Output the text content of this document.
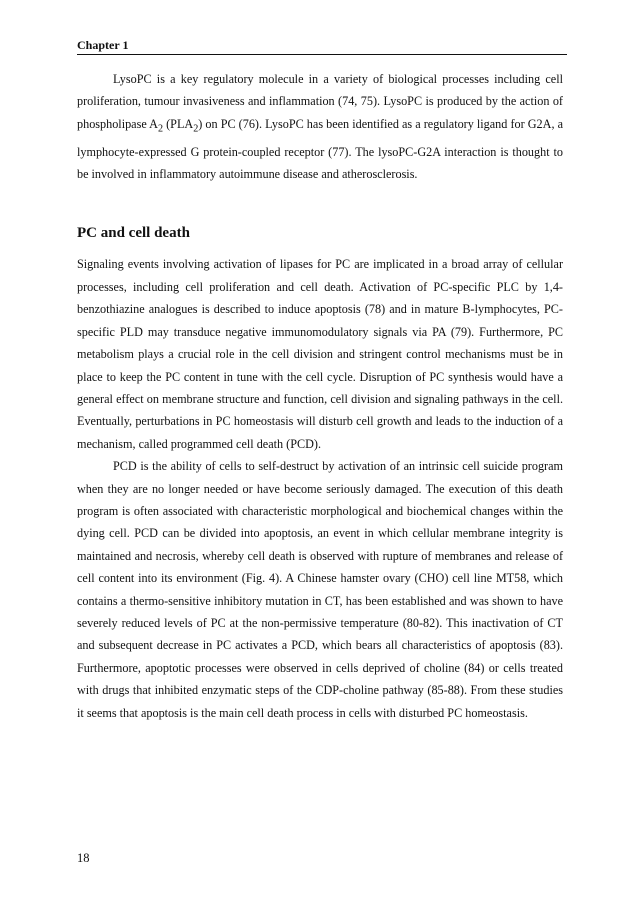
Chapter 1

LysoPC is a key regulatory molecule in a variety of biological processes including cell proliferation, tumour invasiveness and inflammation (74, 75). LysoPC is produced by the action of phospholipase $A_2$ $(PLA_2)$ on PC (76). LysoPC has been identified as a regulatory ligand for G2A, a lymphocyte-expressed G protein-coupled receptor (77). The lysoPC-G2A interaction is thought to be involved in inflammatory autoimmune disease and atherosclerosis.

PC and cell death

Signaling events involving activation of lipases for PC are implicated in a broad array of cellular processes, including cell proliferation and cell death. Activation of PC-specific PLC by 1,4-benzothiazine analogues is described to induce apoptosis (78) and in mature B-lymphocytes, PC-specific PLD may transduce negative immunomodulatory signals via PA (79). Furthermore, PC metabolism plays a crucial role in the cell division and stringent control mechanisms must be in place to keep the PC content in tune with the cell cycle. Disruption of PC synthesis would have a general effect on membrane structure and function, cell division and signaling pathways in the cell. Eventually, perturbations in PC homeostasis will disturb cell growth and leads to the induction of a mechanism, called programmed cell death (PCD).

PCD is the ability of cells to self-destruct by activation of an intrinsic cell suicide program when they are no longer needed or have become seriously damaged. The execution of this death program is often associated with characteristic morphological and biochemical changes within the dying cell. PCD can be divided into apoptosis, an event in which cellular membrane integrity is maintained and necrosis, whereby cell death is observed with rupture of membranes and release of cell content into its environment (Fig. 4). A Chinese hamster ovary (CHO) cell line MT58, which contains a thermo-sensitive inhibitory mutation in CT, has been established and was shown to have severely reduced levels of PC at the non-permissive temperature (80-82). This inactivation of CT and subsequent decrease in PC activates a PCD, which bears all characteristics of apoptosis (83). Furthermore, apoptotic processes were observed in cells deprived of choline (84) or cells treated with drugs that inhibited enzymatic steps of the CDP-choline pathway (85-88). From these studies it seems that apoptosis is the main cell death process in cells with disturbed PC homeostasis.

18
